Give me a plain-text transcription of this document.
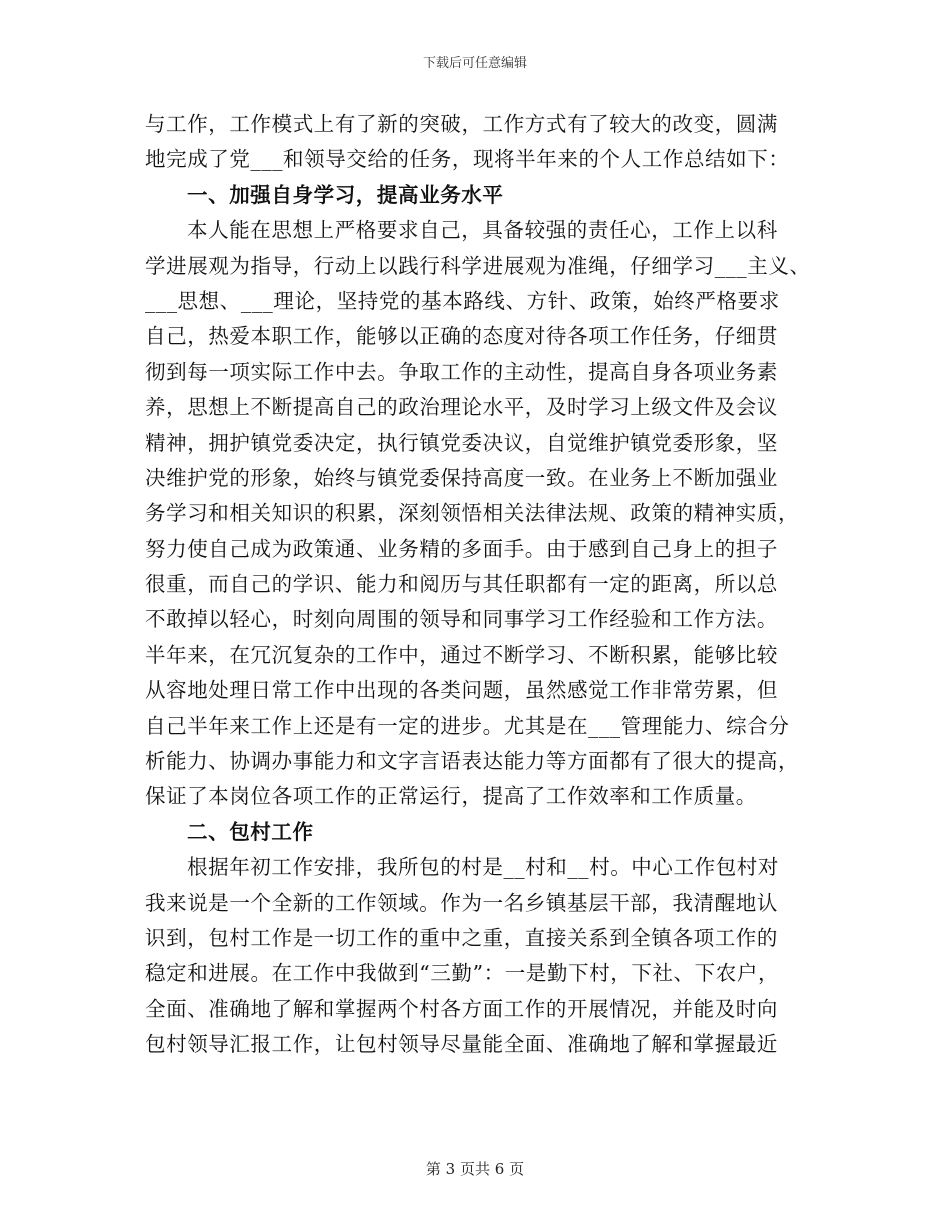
下载后可任意编辑
与工作，工作模式上有了新的突破，工作方式有了较大的改变，圆满
地完成了党___和领导交给的任务，现将半年来的个人工作总结如下：
一、加强自身学习，提高业务水平
本人能在思想上严格要求自己，具备较强的责任心，工作上以科
学进展观为指导，行动上以践行科学进展观为准绳，仔细学习___主义、
___思想、___理论，坚持党的基本路线、方针、政策，始终严格要求
自己，热爱本职工作，能够以正确的态度对待各项工作任务，仔细贯
彻到每一项实际工作中去。争取工作的主动性，提高自身各项业务素
养，思想上不断提高自己的政治理论水平，及时学习上级文件及会议
精神，拥护镇党委决定，执行镇党委决议，自觉维护镇党委形象，坚
决维护党的形象，始终与镇党委保持高度一致。在业务上不断加强业
务学习和相关知识的积累，深刻领悟相关法律法规、政策的精神实质，
努力使自己成为政策通、业务精的多面手。由于感到自己身上的担子
很重，而自己的学识、能力和阅历与其任职都有一定的距离，所以总
不敢掉以轻心，时刻向周围的领导和同事学习工作经验和工作方法。
半年来，在冗沉复杂的工作中，通过不断学习、不断积累，能够比较
从容地处理日常工作中出现的各类问题，虽然感觉工作非常劳累，但
自己半年来工作上还是有一定的进步。尤其是在___管理能力、综合分
析能力、协调办事能力和文字言语表达能力等方面都有了很大的提高，
保证了本岗位各项工作的正常运行，提高了工作效率和工作质量。
二、包村工作
根据年初工作安排，我所包的村是__村和__村。中心工作包村对
我来说是一个全新的工作领域。作为一名乡镇基层干部，我清醒地认
识到，包村工作是一切工作的重中之重，直接关系到全镇各项工作的
稳定和进展。在工作中我做到“三勤”：一是勤下村，下社、下农户，
全面、准确地了解和掌握两个村各方面工作的开展情况，并能及时向
包村领导汇报工作，让包村领导尽量能全面、准确地了解和掌握最近
第 3 页共 6 页
